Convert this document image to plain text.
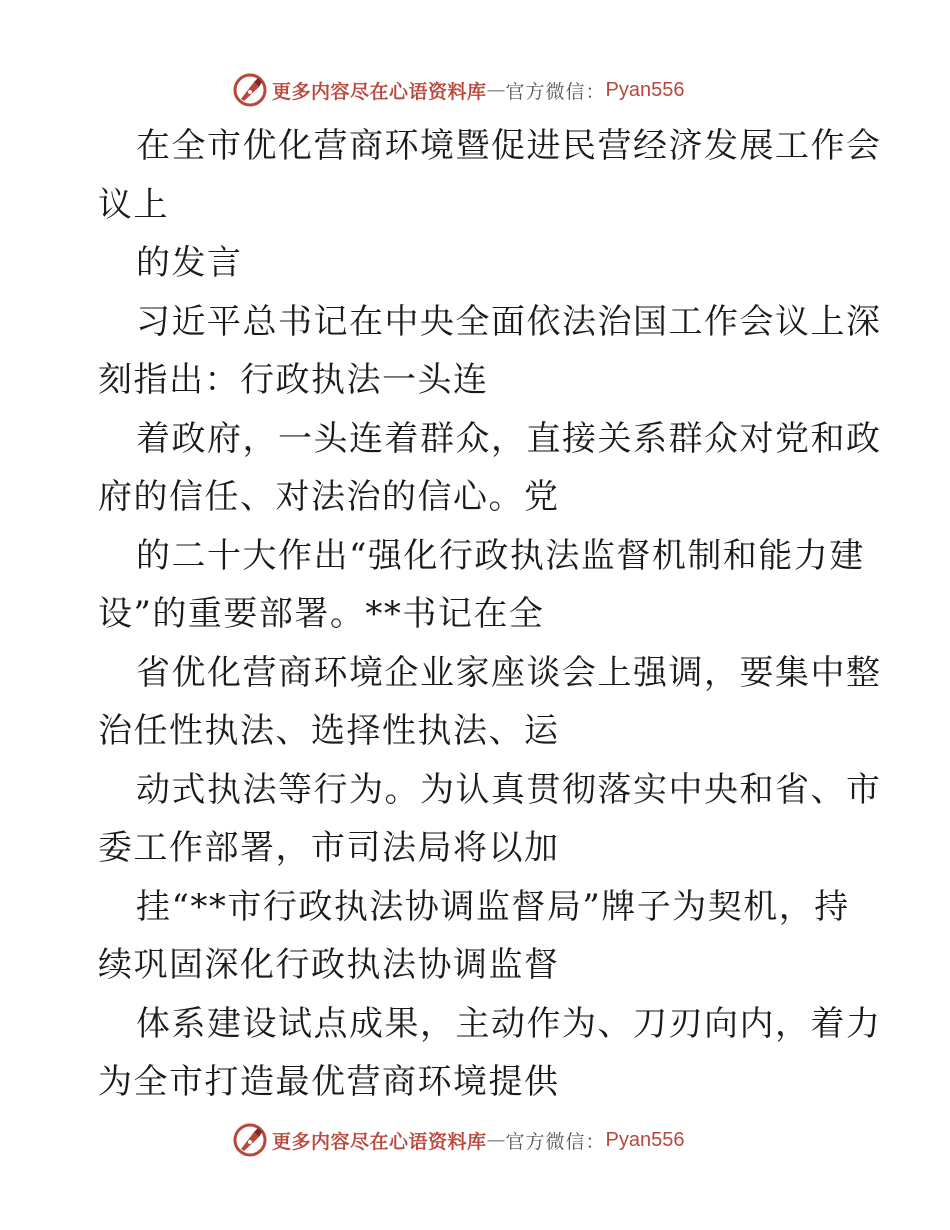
更多内容尽在心语资料库 — 官方微信： Pyan556
在全市优化营商环境暨促进民营经济发展工作会
议上
的发言
习近平总书记在中央全面依法治国工作会议上深
刻指出：行政执法一头连
着政府，一头连着群众，直接关系群众对党和政
府的信任、对法治的信心。党
的二十大作出“强化行政执法监督机制和能力建
设”的重要部署。**书记在全
省优化营商环境企业家座谈会上强调，要集中整
治任性执法、选择性执法、运
动式执法等行为。为认真贯彻落实中央和省、市
委工作部署，市司法局将以加
挂“**市行政执法协调监督局”牌子为契机，持
续巩固深化行政执法协调监督
体系建设试点成果，主动作为、刀刃向内，着力
为全市打造最优营商环境提供
更多内容尽在心语资料库 — 官方微信： Pyan556
